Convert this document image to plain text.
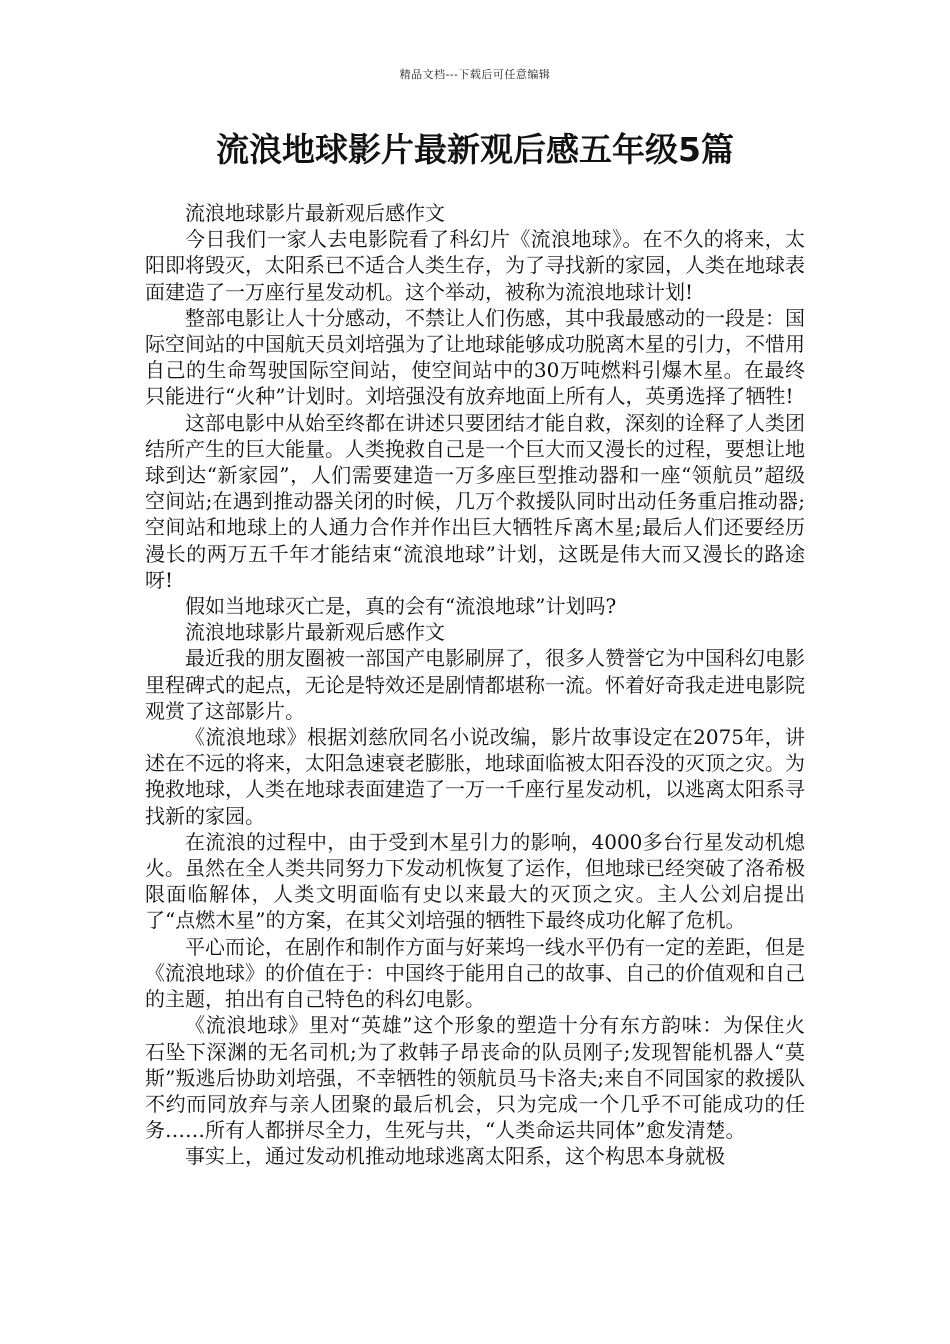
精品文档---下载后可任意编辑
流浪地球影片最新观后感五年级5篇

流浪地球影片最新观后感作文

今日我们一家人去电影院看了科幻片《流浪地球》。在不久的将来，太阳即将毁灭，太阳系已不适合人类生存，为了寻找新的家园，人类在地球表面建造了一万座行星发动机。这个举动，被称为流浪地球计划!

整部电影让人十分感动，不禁让人们伤感，其中我最感动的一段是：国际空间站的中国航天员刘培强为了让地球能够成功脱离木星的引力，不惜用自己的生命驾驶国际空间站，使空间站中的30万吨燃料引爆木星。在最终只能进行“火种”计划时。刘培强没有放弃地面上所有人，英勇选择了牺牲!

这部电影中从始至终都在讲述只要团结才能自救，深刻的诠释了人类团结所产生的巨大能量。人类挽救自己是一个巨大而又漫长的过程，要想让地球到达“新家园”，人们需要建造一万多座巨型推动器和一座“领航员”超级空间站;在遇到推动器关闭的时候，几万个救援队同时出动任务重启推动器;空间站和地球上的人通力合作并作出巨大牺牲斥离木星;最后人们还要经历漫长的两万五千年才能结束“流浪地球”计划，这既是伟大而又漫长的路途呀!

假如当地球灭亡是，真的会有“流浪地球”计划吗?

流浪地球影片最新观后感作文

最近我的朋友圈被一部国产电影刷屏了，很多人赞誉它为中国科幻电影里程碑式的起点，无论是特效还是剧情都堪称一流。怀着好奇我走进电影院观赏了这部影片。

《流浪地球》根据刘慈欣同名小说改编，影片故事设定在2075年，讲述在不远的将来，太阳急速衰老膨胀，地球面临被太阳吞没的灭顶之灾。为挽救地球，人类在地球表面建造了一万一千座行星发动机，以逃离太阳系寻找新的家园。

在流浪的过程中，由于受到木星引力的影响，4000多台行星发动机熄火。虽然在全人类共同努力下发动机恢复了运作，但地球已经突破了洛希极限面临解体，人类文明面临有史以来最大的灭顶之灾。主人公刘启提出了“点燃木星”的方案，在其父刘培强的牺牲下最终成功化解了危机。

平心而论，在剧作和制作方面与好莱坞一线水平仍有一定的差距，但是《流浪地球》的价值在于：中国终于能用自己的故事、自己的价值观和自己的主题，拍出有自己特色的科幻电影。

《流浪地球》里对“英雄”这个形象的塑造十分有东方韵味：为保住火石坠下深渊的无名司机;为了救韩子昂丧命的队员刚子;发现智能机器人“莫斯”叛逃后协助刘培强，不幸牺牲的领航员马卡洛夫;来自不同国家的救援队不约而同放弃与亲人团聚的最后机会，只为完成一个几乎不可能成功的任务……所有人都拼尽全力，生死与共，“人类命运共同体”愈发清楚。

事实上，通过发动机推动地球逃离太阳系，这个构思本身就极
